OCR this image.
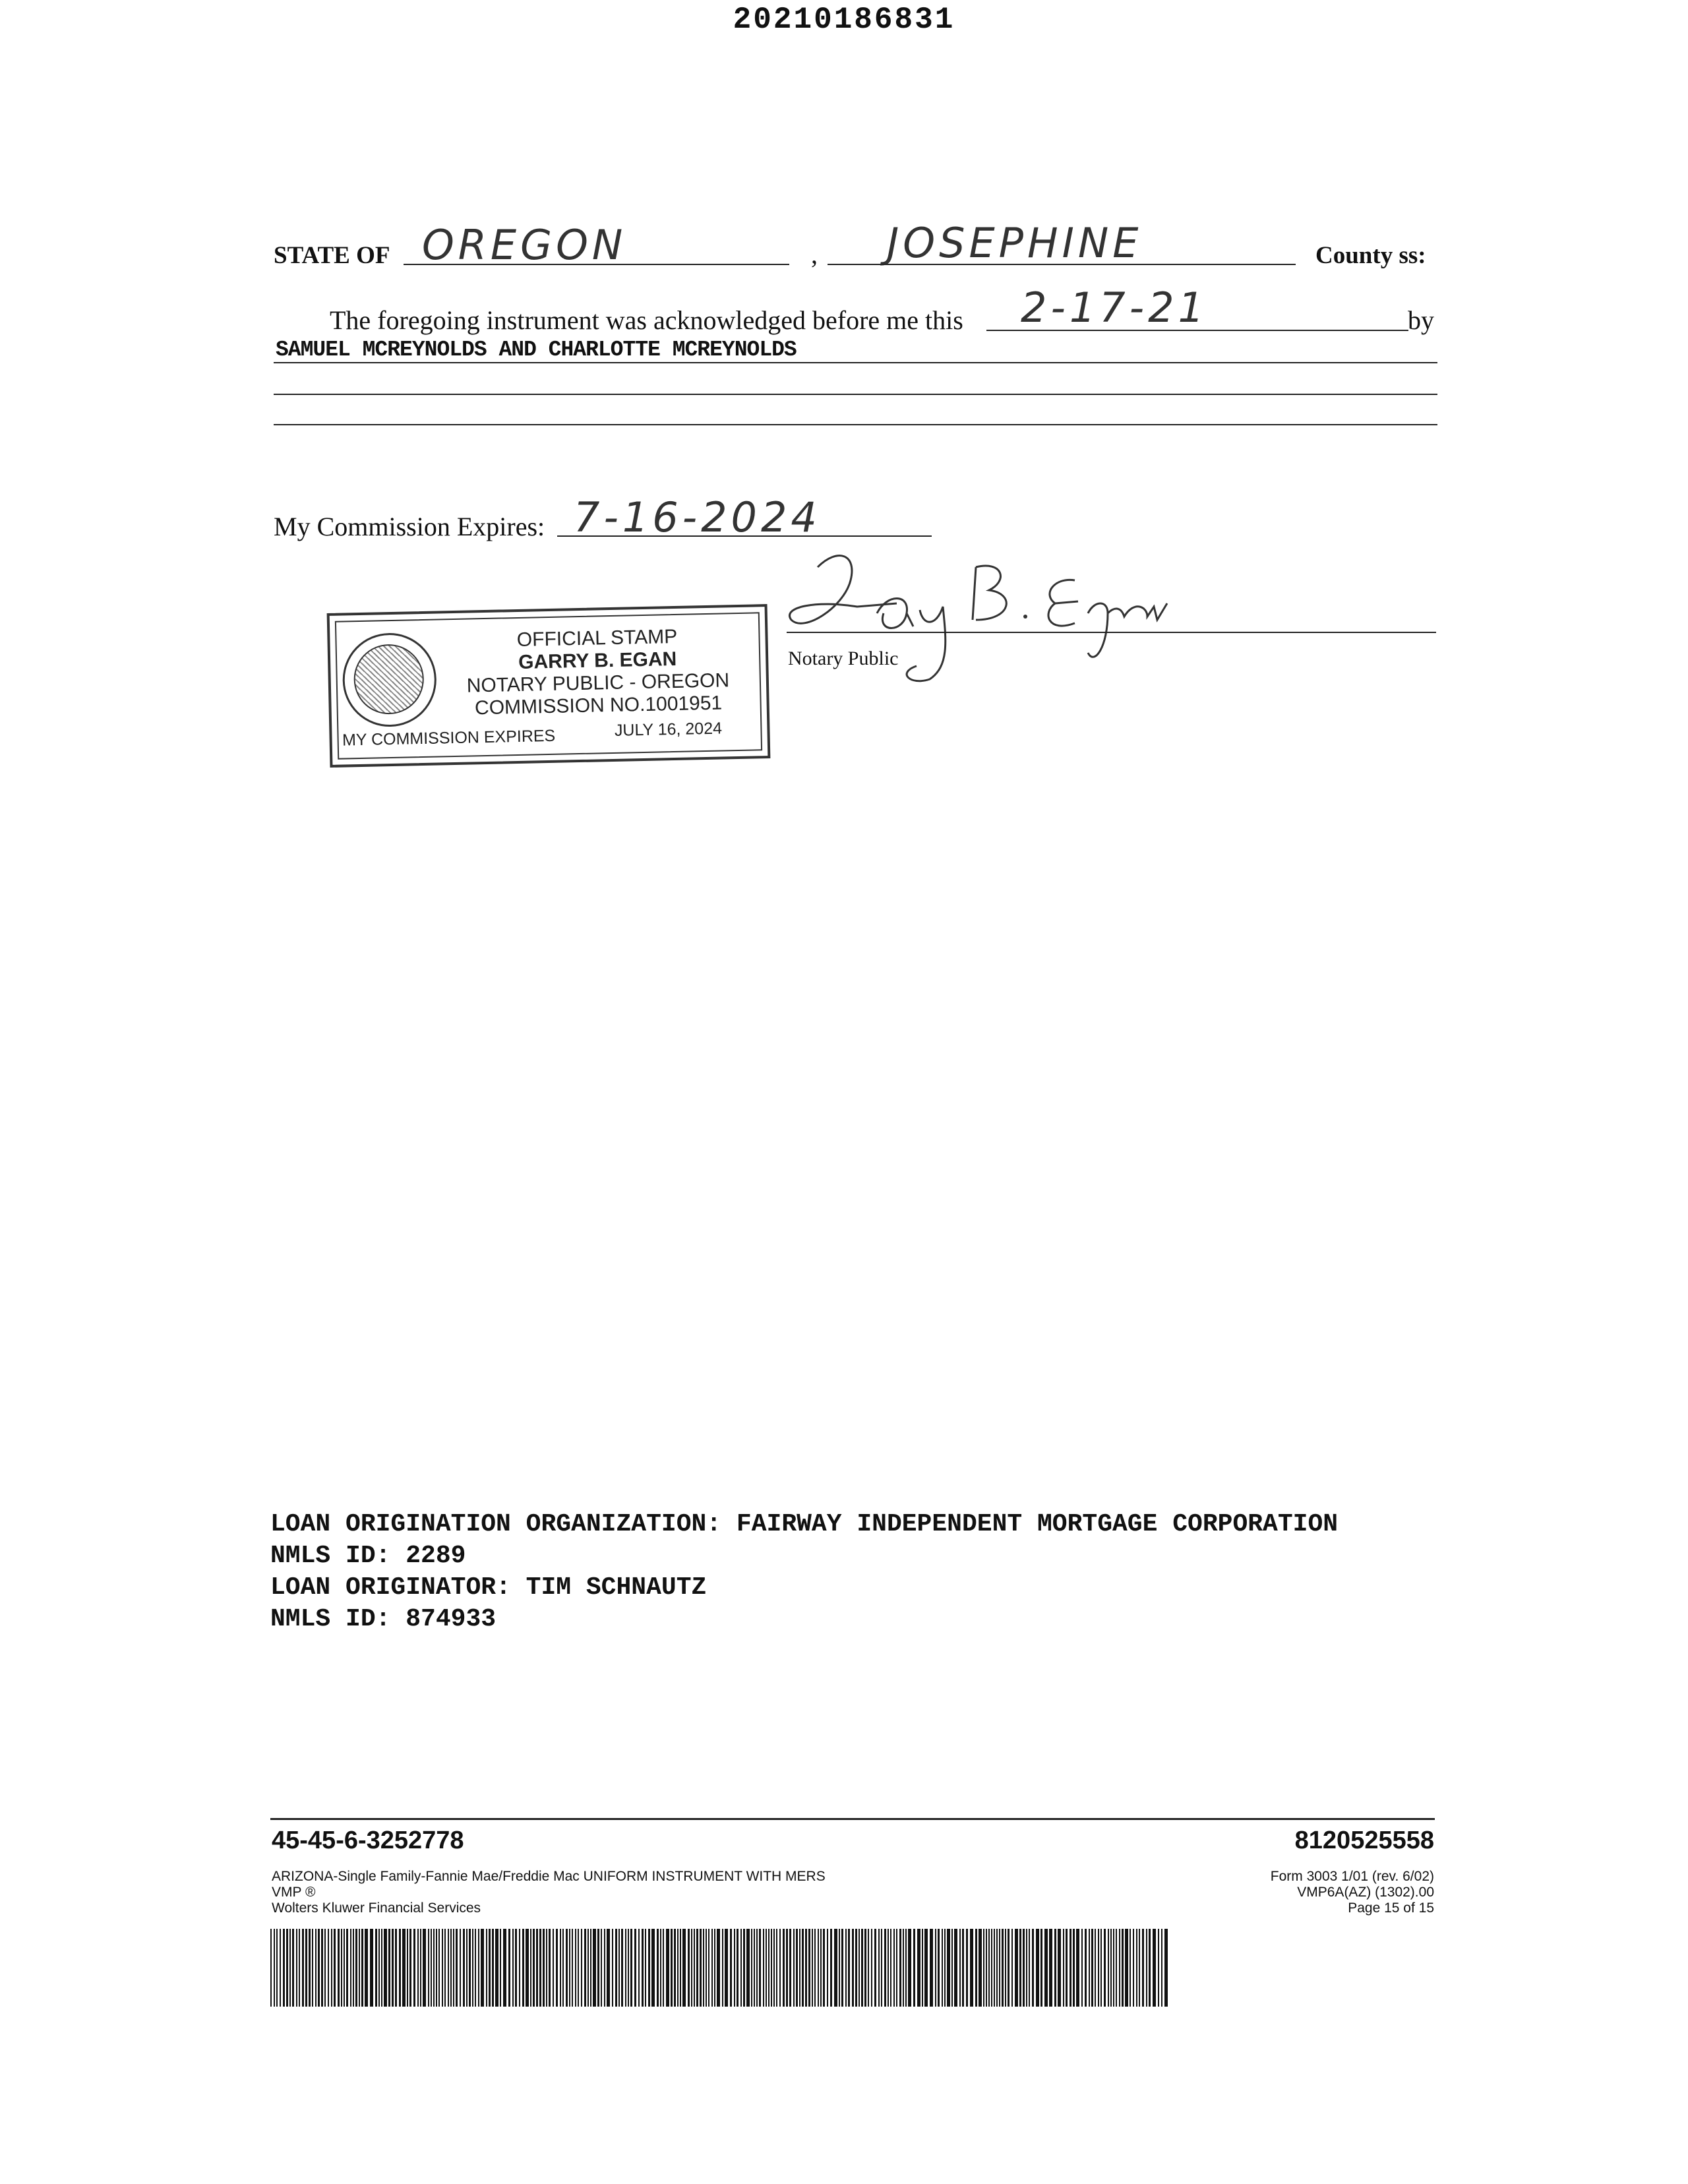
20210186831
STATE OF OREGON	, JOSEPHINE	County ss:
The foregoing instrument was acknowledged before me this 2-17-21	by
SAMUEL MCREYNOLDS AND CHARLOTTE MCREYNOLDS
My Commission Expires: 7-16-2024
Notary Public
OFFICIAL STAMP
GARRY B. EGAN
NOTARY PUBLIC - OREGON
COMMISSION NO.1001951
MY COMMISSION EXPIRES	JULY 16, 2024
LOAN ORIGINATION ORGANIZATION: FAIRWAY INDEPENDENT MORTGAGE CORPORATION
NMLS ID: 2289
LOAN ORIGINATOR: TIM SCHNAUTZ
NMLS ID: 874933
45-45-6-3252778	8120525558
ARIZONA-Single Family-Fannie Mae/Freddie Mac UNIFORM INSTRUMENT WITH MERS
VMP ®
Wolters Kluwer Financial Services
Form 3003 1/01 (rev. 6/02)
VMP6A(AZ) (1302).00
Page 15 of 15
